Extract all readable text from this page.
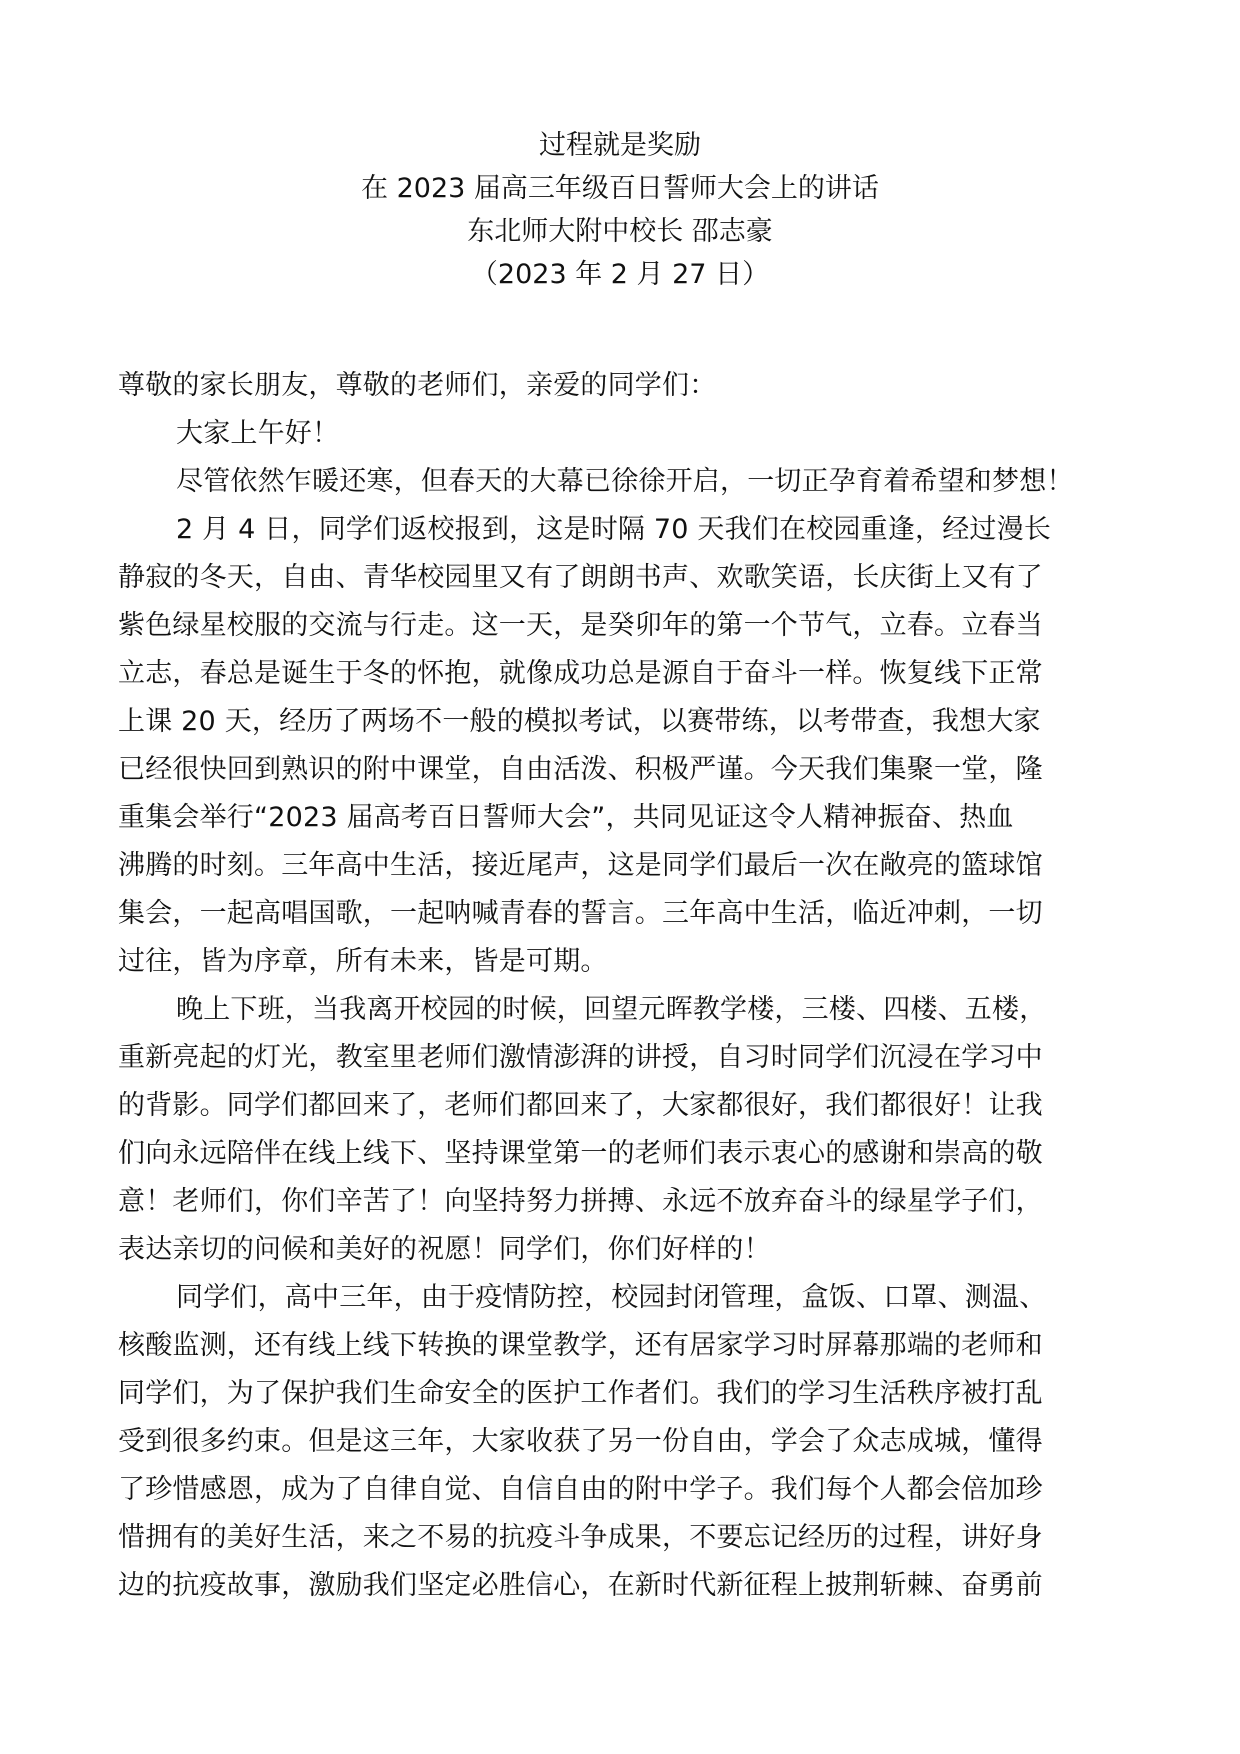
过程就是奖励
在 2023 届高三年级百日誓师大会上的讲话
东北师大附中校长 邵志豪
（2023 年 2 月 27 日）
尊敬的家长朋友，尊敬的老师们，亲爱的同学们：
大家上午好！
尽管依然乍暖还寒，但春天的大幕已徐徐开启，一切正孕育着希望和梦想！
2 月 4 日，同学们返校报到，这是时隔 70 天我们在校园重逢，经过漫长
静寂的冬天，自由、青华校园里又有了朗朗书声、欢歌笑语，长庆街上又有了
紫色绿星校服的交流与行走。这一天，是癸卯年的第一个节气，立春。立春当
立志，春总是诞生于冬的怀抱，就像成功总是源自于奋斗一样。恢复线下正常
上课 20 天，经历了两场不一般的模拟考试，以赛带练，以考带查，我想大家
已经很快回到熟识的附中课堂，自由活泼、积极严谨。今天我们集聚一堂，隆
重集会举行“2023 届高考百日誓师大会”，共同见证这令人精神振奋、热血
沸腾的时刻。三年高中生活，接近尾声，这是同学们最后一次在敞亮的篮球馆
集会，一起高唱国歌，一起呐喊青春的誓言。三年高中生活，临近冲刺，一切
过往，皆为序章，所有未来，皆是可期。
晚上下班，当我离开校园的时候，回望元晖教学楼，三楼、四楼、五楼，
重新亮起的灯光，教室里老师们激情澎湃的讲授，自习时同学们沉浸在学习中
的背影。同学们都回来了，老师们都回来了，大家都很好，我们都很好！让我
们向永远陪伴在线上线下、坚持课堂第一的老师们表示衷心的感谢和崇高的敬
意！老师们，你们辛苦了！向坚持努力拼搏、永远不放弃奋斗的绿星学子们，
表达亲切的问候和美好的祝愿！同学们，你们好样的！
同学们，高中三年，由于疫情防控，校园封闭管理，盒饭、口罩、测温、
核酸监测，还有线上线下转换的课堂教学，还有居家学习时屏幕那端的老师和
同学们，为了保护我们生命安全的医护工作者们。我们的学习生活秩序被打乱
受到很多约束。但是这三年，大家收获了另一份自由，学会了众志成城，懂得
了珍惜感恩，成为了自律自觉、自信自由的附中学子。我们每个人都会倍加珍
惜拥有的美好生活，来之不易的抗疫斗争成果，不要忘记经历的过程，讲好身
边的抗疫故事，激励我们坚定必胜信心，在新时代新征程上披荆斩棘、奋勇前
